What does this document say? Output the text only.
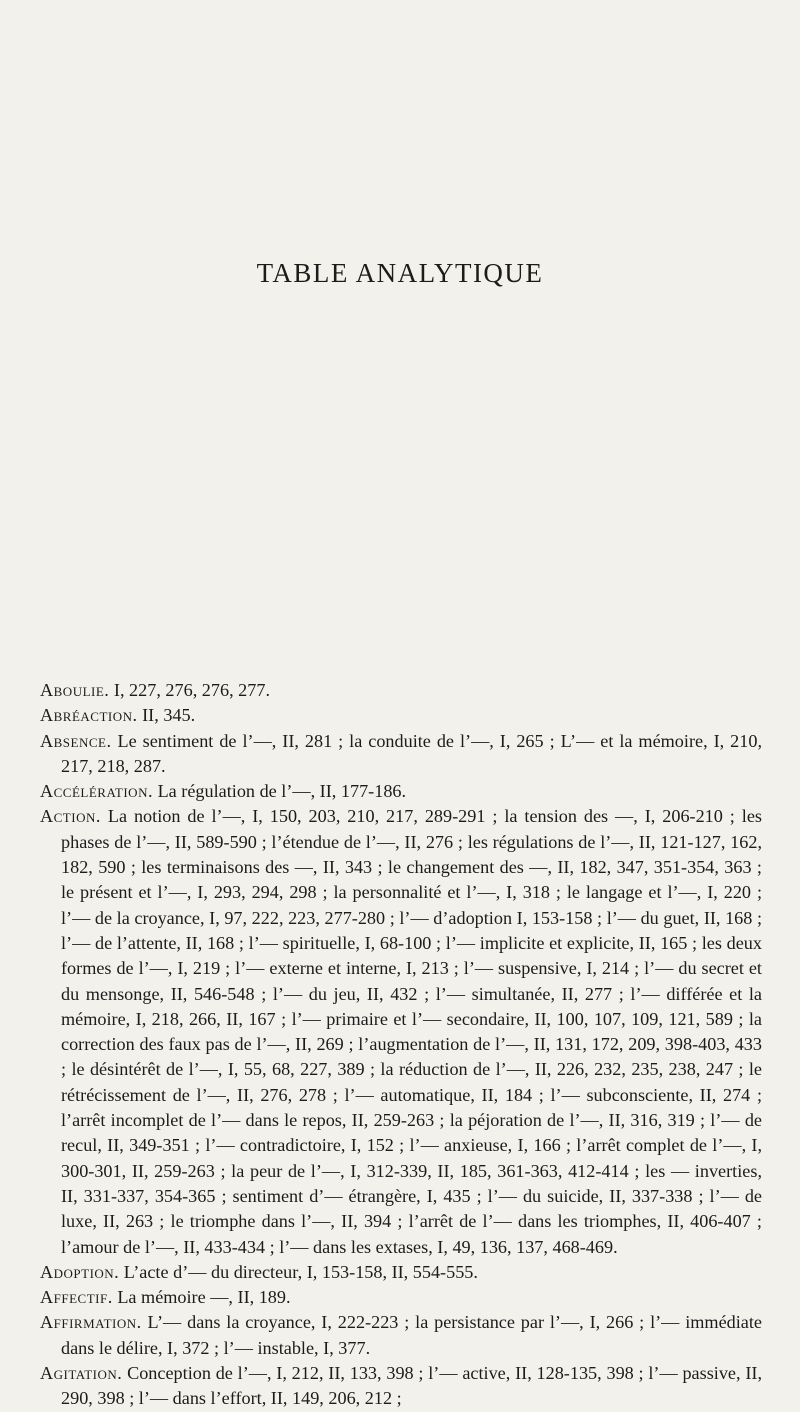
TABLE ANALYTIQUE

Aboulie. I, 227, 276, 276, 277.

Abréaction. II, 345.

Absence. Le sentiment de l’—, II, 281 ; la conduite de l’—, I, 265 ; L’— et la mémoire, I, 210, 217, 218, 287.

Accélération. La régulation de l’—, II, 177-186.

Action. La notion de l’—, I, 150, 203, 210, 217, 289-291 ; la tension des —, I, 206-210 ; les phases de l’—, II, 589-590 ; l’étendue de l’—, II, 276 ; les régulations de l’—, II, 121-127, 162, 182, 590 ; les terminaisons des —, II, 343 ; le changement des —, II, 182, 347, 351-354, 363 ; le présent et l’—, I, 293, 294, 298 ; la personnalité et l’—, I, 318 ; le langage et l’—, I, 220 ; l’— de la croyance, I, 97, 222, 223, 277-280 ; l’— d’adoption I, 153-158 ; l’— du guet, II, 168 ; l’— de l’attente, II, 168 ; l’— spirituelle, I, 68-100 ; l’— implicite et explicite, II, 165 ; les deux formes de l’—, I, 219 ; l’— externe et interne, I, 213 ; l’— suspensive, I, 214 ; l’— du secret et du mensonge, II, 546-548 ; l’— du jeu, II, 432 ; l’— simultanée, II, 277 ; l’— différée et la mémoire, I, 218, 266, II, 167 ; l’— primaire et l’— secondaire, II, 100, 107, 109, 121, 589 ; la correction des faux pas de l’—, II, 269 ; l’augmentation de l’—, II, 131, 172, 209, 398-403, 433 ; le désintérêt de l’—, I, 55, 68, 227, 389 ; la réduction de l’—, II, 226, 232, 235, 238, 247 ; le rétrécissement de l’—, II, 276, 278 ; l’— automatique, II, 184 ; l’— subconsciente, II, 274 ; l’arrêt incomplet de l’— dans le repos, II, 259-263 ; la péjoration de l’—, II, 316, 319 ; l’— de recul, II, 349-351 ; l’— contradictoire, I, 152 ; l’— anxieuse, I, 166 ; l’arrêt complet de l’—, I, 300-301, II, 259-263 ; la peur de l’—, I, 312-339, II, 185, 361-363, 412-414 ; les — inverties, II, 331-337, 354-365 ; sentiment d’— étrangère, I, 435 ; l’— du suicide, II, 337-338 ; l’— de luxe, II, 263 ; le triomphe dans l’—, II, 394 ; l’arrêt de l’— dans les triomphes, II, 406-407 ; l’amour de l’—, II, 433-434 ; l’— dans les extases, I, 49, 136, 137, 468-469.

Adoption. L’acte d’— du directeur, I, 153-158, II, 554-555.

Affectif. La mémoire —, II, 189.

Affirmation. L’— dans la croyance, I, 222-223 ; la persistance par l’—, I, 266 ; l’— immédiate dans le délire, I, 372 ; l’— instable, I, 377.

Agitation. Conception de l’—, I, 212, II, 133, 398 ; l’— active, II, 128-135, 398 ; l’— passive, II, 290, 398 ; l’— dans l’effort, II, 149, 206, 212 ;
